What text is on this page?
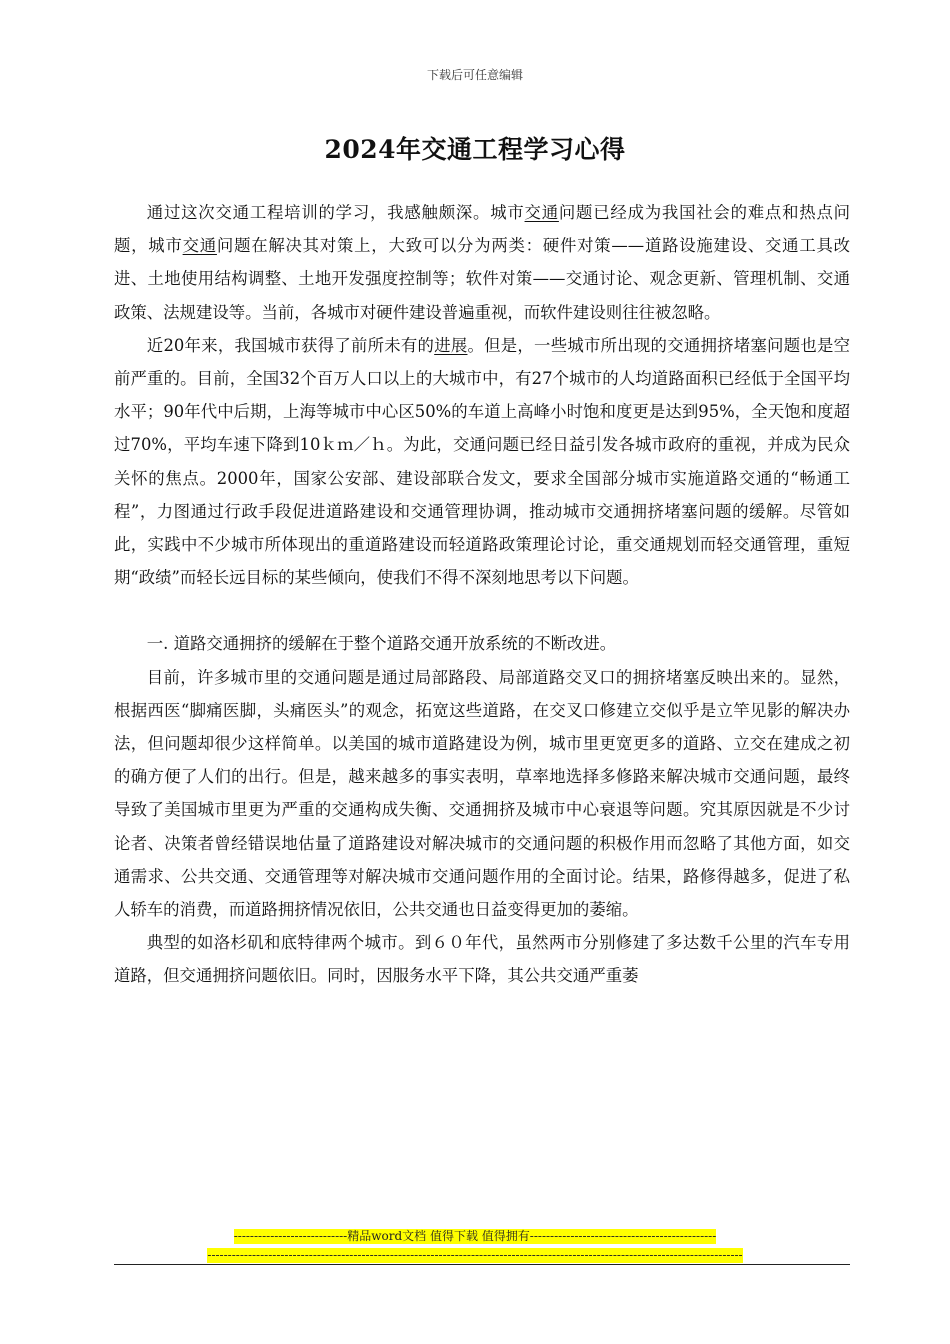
下载后可任意编辑
2024年交通工程学习心得

通过这次交通工程培训的学习，我感触颇深。城市交通问题已经成为我国社会的难点和热点问题，城市交通问题在解决其对策上，大致可以分为两类：硬件对策——道路设施建设、交通工具改进、土地使用结构调整、土地开发强度控制等；软件对策——交通讨论、观念更新、管理机制、交通政策、法规建设等。当前，各城市对硬件建设普遍重视，而软件建设则往往被忽略。

近20年来，我国城市获得了前所未有的进展。但是，一些城市所出现的交通拥挤堵塞问题也是空前严重的。目前，全国32个百万人口以上的大城市中，有27个城市的人均道路面积已经低于全国平均水平；90年代中后期，上海等城市中心区50%的车道上高峰小时饱和度更是达到95%，全天饱和度超过70%，平均车速下降到10ｋｍ／ｈ。为此，交通问题已经日益引发各城市政府的重视，并成为民众关怀的焦点。2000年，国家公安部、建设部联合发文，要求全国部分城市实施道路交通的“畅通工程”，力图通过行政手段促进道路建设和交通管理协调，推动城市交通拥挤堵塞问题的缓解。尽管如此，实践中不少城市所体现出的重道路建设而轻道路政策理论讨论，重交通规划而轻交通管理，重短期“政绩”而轻长远目标的某些倾向，使我们不得不深刻地思考以下问题。

一. 道路交通拥挤的缓解在于整个道路交通开放系统的不断改进。

目前，许多城市里的交通问题是通过局部路段、局部道路交叉口的拥挤堵塞反映出来的。显然，根据西医“脚痛医脚，头痛医头”的观念，拓宽这些道路，在交叉口修建立交似乎是立竿见影的解决办法，但问题却很少这样简单。以美国的城市道路建设为例，城市里更宽更多的道路、立交在建成之初的确方便了人们的出行。但是，越来越多的事实表明，草率地选择多修路来解决城市交通问题，最终导致了美国城市里更为严重的交通构成失衡、交通拥挤及城市中心衰退等问题。究其原因就是不少讨论者、决策者曾经错误地估量了道路建设对解决城市的交通问题的积极作用而忽略了其他方面，如交通需求、公共交通、交通管理等对解决城市交通问题作用的全面讨论。结果，路修得越多，促进了私人轿车的消费，而道路拥挤情况依旧，公共交通也日益变得更加的萎缩。

典型的如洛杉矶和底特律两个城市。到６０年代，虽然两市分别修建了多达数千公里的汽车专用道路，但交通拥挤问题依旧。同时，因服务水平下降，其公共交通严重萎

----------------------------精品word文档 值得下载 值得拥有----------------------------------------------
------------------------------------------------------------------------------------------------------------------------------------
